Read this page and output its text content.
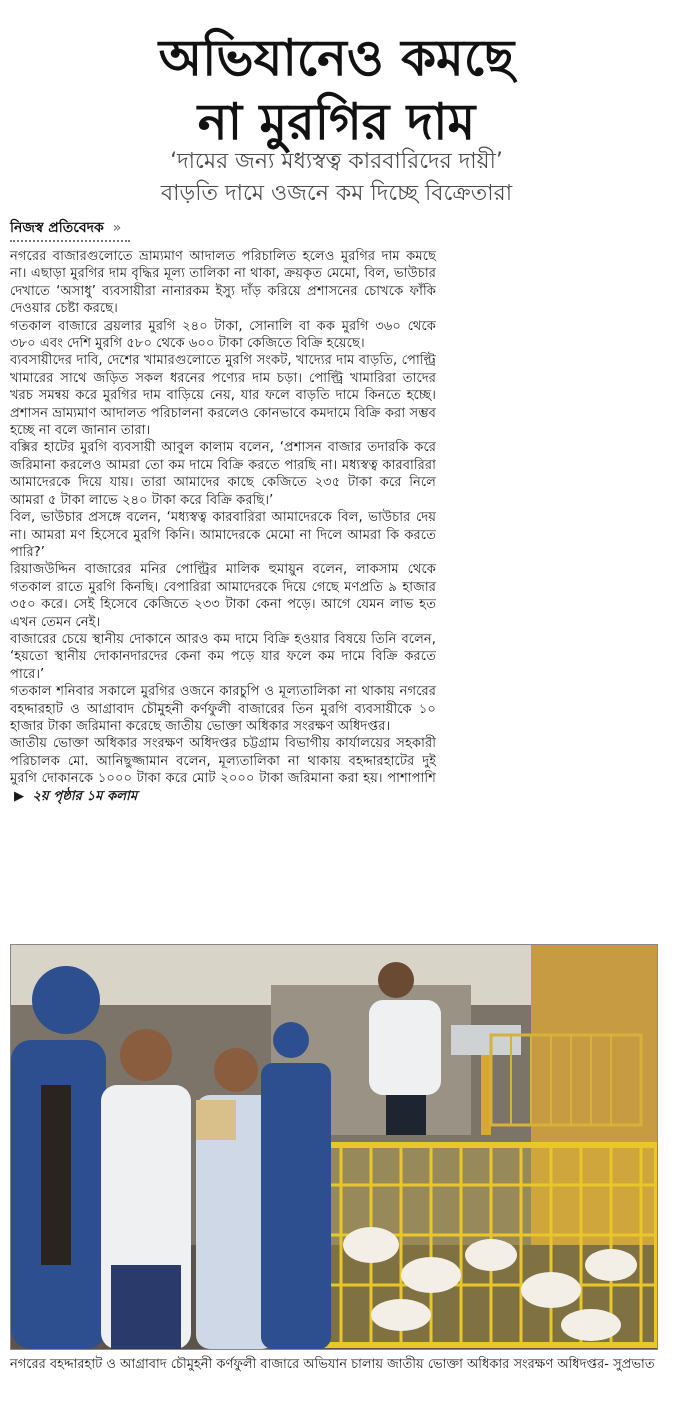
অভিযানেও কমছে
না মুরগির দাম
‘দামের জন্য মধ্যস্বত্ব কারবারিদের দায়ী’
বাড়তি দামে ওজনে কম দিচ্ছে বিক্রেতারা
নিজস্ব প্রতিবেদক »

নগরের বাজারগুলোতে ভ্রাম্যমাণ আদালত পরিচালিত হলেও মুরগির দাম কমছে না। এছাড়া মুরগির দাম বৃদ্ধির মূল্য তালিকা না থাকা, ক্রয়কৃত মেমো, বিল, ভাউচার দেখাতে ‘অসাধু’ ব্যবসায়ীরা নানারকম ইস্যু দাঁড় করিয়ে প্রশাসনের চোখকে ফাঁকি দেওয়ার চেষ্টা করছে।

গতকাল বাজারে ব্রয়লার মুরগি ২৪০ টাকা, সোনালি বা কক মুরগি ৩৬০ থেকে ৩৮০ এবং দেশি মুরগি ৫৮০ থেকে ৬০০ টাকা কেজিতে বিক্রি হয়েছে।

ব্যবসায়ীদের দাবি, দেশের খামারগুলোতে মুরগি সংকট, খাদ্যের দাম বাড়তি, পোল্ট্রি খামারের সাথে জড়িত সকল ধরনের পণ্যের দাম চড়া। পোল্ট্রি খামারিরা তাদের খরচ সমন্বয় করে মুরগির দাম বাড়িয়ে নেয়, যার ফলে বাড়তি দামে কিনতে হচ্ছে। প্রশাসন ভ্রাম্যমাণ আদালত পরিচালনা করলেও কোনভাবে কমদামে বিক্রি করা সম্ভব হচ্ছে না বলে জানান তারা।

বক্সির হাটের মুরগি ব্যবসায়ী আবুল কালাম বলেন, ‘প্রশাসন বাজার তদারকি করে জরিমানা করলেও আমরা তো কম দামে বিক্রি করতে পারছি না। মধ্যস্বত্ব কারবারিরা আমাদেরকে দিয়ে যায়। তারা আমাদের কাছে কেজিতে ২৩৫ টাকা করে নিলে আমরা ৫ টাকা লাভে ২৪০ টাকা করে বিক্রি করছি।’

বিল, ভাউচার প্রসঙ্গে বলেন, ‘মধ্যস্বত্ব কারবারিরা আমাদেরকে বিল, ভাউচার দেয় না। আমরা মণ হিসেবে মুরগি কিনি। আমাদেরকে মেমো না দিলে আমরা কি করতে পারি?’

রিয়াজউদ্দিন বাজারের মনির পোল্ট্রির মালিক হুমায়ুন বলেন, লাকসাম থেকে গতকাল রাতে মুরগি কিনছি। বেপারিরা আমাদেরকে দিয়ে গেছে মণপ্রতি ৯ হাজার ৩৫০ করে। সেই হিসেবে কেজিতে ২৩৩ টাকা কেনা পড়ে। আগে যেমন লাভ হত এখন তেমন নেই।

বাজারের চেয়ে স্থানীয় দোকানে আরও কম দামে বিক্রি হওয়ার বিষয়ে তিনি বলেন, ‘হয়তো স্থানীয় দোকানদারদের কেনা কম পড়ে যার ফলে কম দামে বিক্রি করতে পারে।’

গতকাল শনিবার সকালে মুরগির ওজনে কারচুপি ও মূল্যতালিকা না থাকায় নগরের বহদ্দারহাট ও আগ্রাবাদ চৌমুহনী কর্ণফুলী বাজারের তিন মুরগি ব্যবসায়ীকে ১০ হাজার টাকা জরিমানা করেছে জাতীয় ভোক্তা অধিকার সংরক্ষণ অধিদপ্তর।

জাতীয় ভোক্তা অধিকার সংরক্ষণ অধিদপ্তর চট্টগ্রাম বিভাগীয় কার্যালয়ের সহকারী পরিচালক মো. আনিছুজ্জামান বলেন, মূল্যতালিকা না থাকায় বহদ্দারহাটের দুই মুরগি দোকানকে ১০০০ টাকা করে মোট ২০০০ টাকা জরিমানা করা হয়। পাশাপাশি ▶ ২য় পৃষ্ঠার ১ম কলাম

নগরের বহদ্দারহাট ও আগ্রাবাদ চৌমুহনী কর্ণফুলী বাজারে অভিযান চালায় জাতীয় ভোক্তা অধিকার সংরক্ষণ অধিদপ্তর- সুপ্রভাত
